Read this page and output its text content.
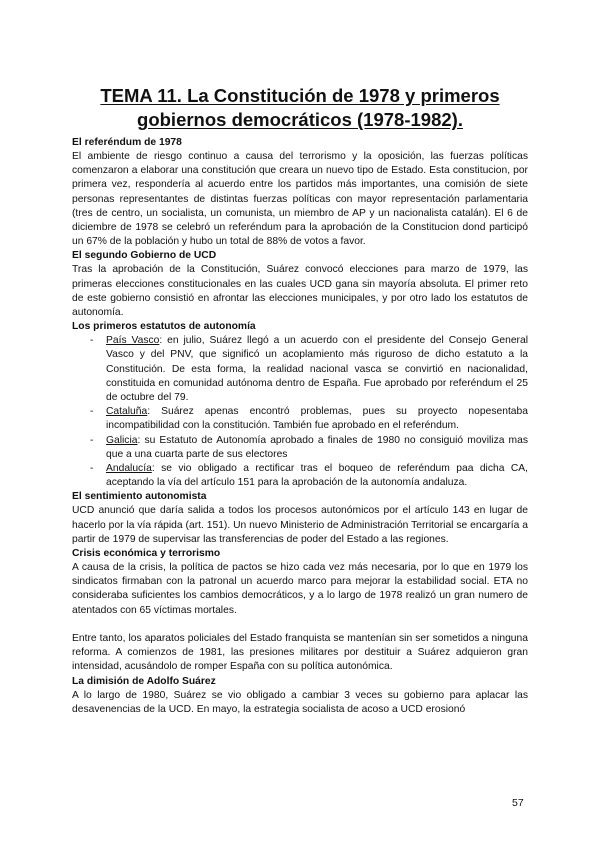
TEMA 11. La Constitución de 1978 y primeros
gobiernos democráticos (1978-1982).
El referéndum de 1978

El ambiente de riesgo continuo a causa del terrorismo y la oposición, las fuerzas políticas comenzaron a elaborar una constitución que creara un nuevo tipo de Estado. Esta constitucion, por primera vez, respondería al acuerdo entre los partidos más importantes, una comisión de siete personas representantes de distintas fuerzas políticas con mayor representación parlamentaria (tres de centro, un socialista, un comunista, un miembro de AP y un nacionalista catalán). El 6 de diciembre de 1978 se celebró un referéndum para la aprobación de la Constitucion dond participó un 67% de la población y hubo un total de 88% de votos a favor.

El segundo Gobierno de UCD

Tras la aprobación de la Constitución, Suárez convocó elecciones para marzo de 1979, las primeras elecciones constitucionales en las cuales UCD gana sin mayoría absoluta. El primer reto de este gobierno consistió en afrontar las elecciones municipales, y por otro lado los estatutos de autonomía.

Los primeros estatutos de autonomía
- País Vasco: en julio, Suárez llegó a un acuerdo con el presidente del Consejo General Vasco y del PNV, que significó un acoplamiento más riguroso de dicho estatuto a la Constitución. De esta forma, la realidad nacional vasca se convirtió en nacionalidad, constituida en comunidad autónoma dentro de España. Fue aprobado por referéndum el 25 de octubre del 79.
- Cataluña: Suárez apenas encontró problemas, pues su proyecto nopesentaba incompatibilidad con la constitución. También fue aprobado en el referéndum.
- Galicia: su Estatuto de Autonomía aprobado a finales de 1980 no consiguió moviliza mas que a una cuarta parte de sus electores
- Andalucía: se vio obligado a rectificar tras el boqueo de referéndum paa dicha CA, aceptando la vía del artículo 151 para la aprobación de la autonomía andaluza.
El sentimiento autonomista

UCD anunció que daría salida a todos los procesos autonómicos por el artículo 143 en lugar de hacerlo por la vía rápida (art. 151). Un nuevo Ministerio de Administración Territorial se encargaría a partir de 1979 de supervisar las transferencias de poder del Estado a las regiones.

Crisis económica y terrorismo

A causa de la crisis, la política de pactos se hizo cada vez más necesaria, por lo que en 1979 los sindicatos firmaban con la patronal un acuerdo marco para mejorar la estabilidad social. ETA no consideraba suficientes los cambios democráticos, y a lo largo de 1978 realizó un gran numero de atentados con 65 víctimas mortales.

Entre tanto, los aparatos policiales del Estado franquista se mantenían sin ser sometidos a ninguna reforma. A comienzos de 1981, las presiones militares por destituir a Suárez adquieron gran intensidad, acusándolo de romper España con su política autonómica.

La dimisión de Adolfo Suárez

A lo largo de 1980, Suárez se vio obligado a cambiar 3 veces su gobierno para aplacar las desavenencias de la UCD. En mayo, la estrategia socialista de acoso a UCD erosionó

57
